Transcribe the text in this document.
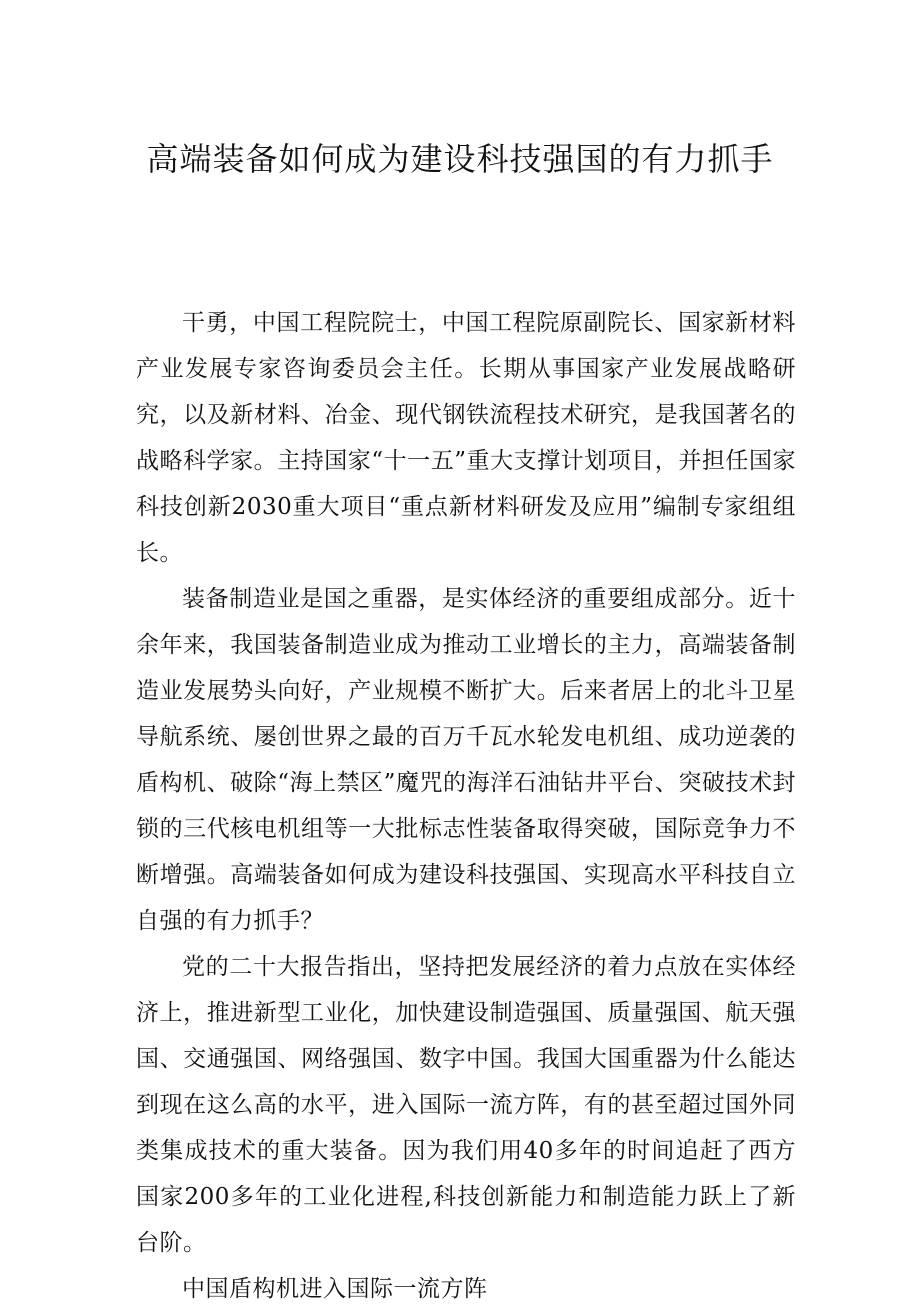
高端装备如何成为建设科技强国的有力抓手

干勇，中国工程院院士，中国工程院原副院长、国家新材料产业发展专家咨询委员会主任。长期从事国家产业发展战略研究，以及新材料、冶金、现代钢铁流程技术研究，是我国著名的战略科学家。主持国家“十一五”重大支撑计划项目，并担任国家科技创新2030重大项目“重点新材料研发及应用”编制专家组组长。

装备制造业是国之重器，是实体经济的重要组成部分。近十余年来，我国装备制造业成为推动工业增长的主力，高端装备制造业发展势头向好，产业规模不断扩大。后来者居上的北斗卫星导航系统、屡创世界之最的百万千瓦水轮发电机组、成功逆袭的盾构机、破除“海上禁区”魔咒的海洋石油钻井平台、突破技术封锁的三代核电机组等一大批标志性装备取得突破，国际竞争力不断增强。高端装备如何成为建设科技强国、实现高水平科技自立自强的有力抓手？

党的二十大报告指出，坚持把发展经济的着力点放在实体经济上，推进新型工业化，加快建设制造强国、质量强国、航天强国、交通强国、网络强国、数字中国。我国大国重器为什么能达到现在这么高的水平，进入国际一流方阵，有的甚至超过国外同类集成技术的重大装备。因为我们用40多年的时间追赶了西方国家200多年的工业化进程,科技创新能力和制造能力跃上了新台阶。

中国盾构机进入国际一流方阵
